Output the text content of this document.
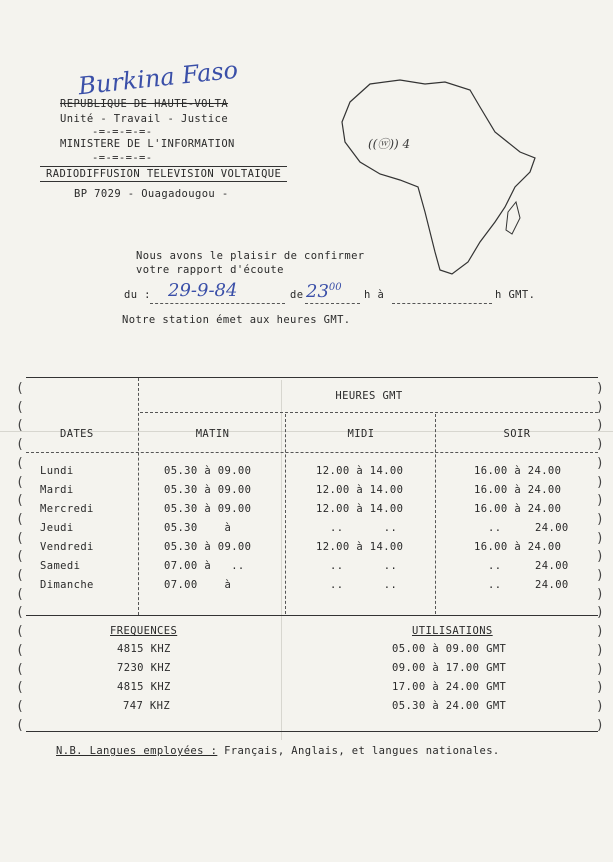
Burkina Faso
REPUBLIQUE DE HAUTE-VOLTA
Unité - Travail - Justice
-=-=-=-=-
MINISTERE DE L'INFORMATION
-=-=-=-=-
RADIODIFFUSION TELEVISION VOLTAIQUE
BP 7029 - Ouagadougou -
((ⓦ)) 4
Nous avons le plaisir de confirmer
votre rapport d'écoute
du : 29-9-84	de $23^{00}$
h à	h GMT.
Notre station émet aux heures GMT.
(
(
(
(
(
(
(
(
(
(
(
(
(
(
(
(
(
(
(
)
)
)
)
)
)
)
)
)
)
)
)
)
)
)
)
)
)
)
HEURES GMT
DATES	MATIN	MIDI	SOIR
Lundi	05.30 à 09.00	12.00 à 14.00	16.00 à 24.00
Mardi	05.30 à 09.00	12.00 à 14.00	16.00 à 24.00
Mercredi	05.30 à 09.00	12.00 à 14.00	16.00 à 24.00
Jeudi	05.30    à	..      ..	..     24.00
Vendredi	05.30 à 09.00	12.00 à 14.00	16.00 à 24.00
Samedi	07.00 à   ..	..      ..	..     24.00
Dimanche	07.00    à	..      ..	..     24.00
FREQUENCES	UTILISATIONS
4815 KHZ	05.00 à 09.00 GMT
7230 KHZ	09.00 à 17.00 GMT
4815 KHZ	17.00 à 24.00 GMT
747 KHZ	05.30 à 24.00 GMT
N.B. Langues employées : Français, Anglais, et langues nationales.
